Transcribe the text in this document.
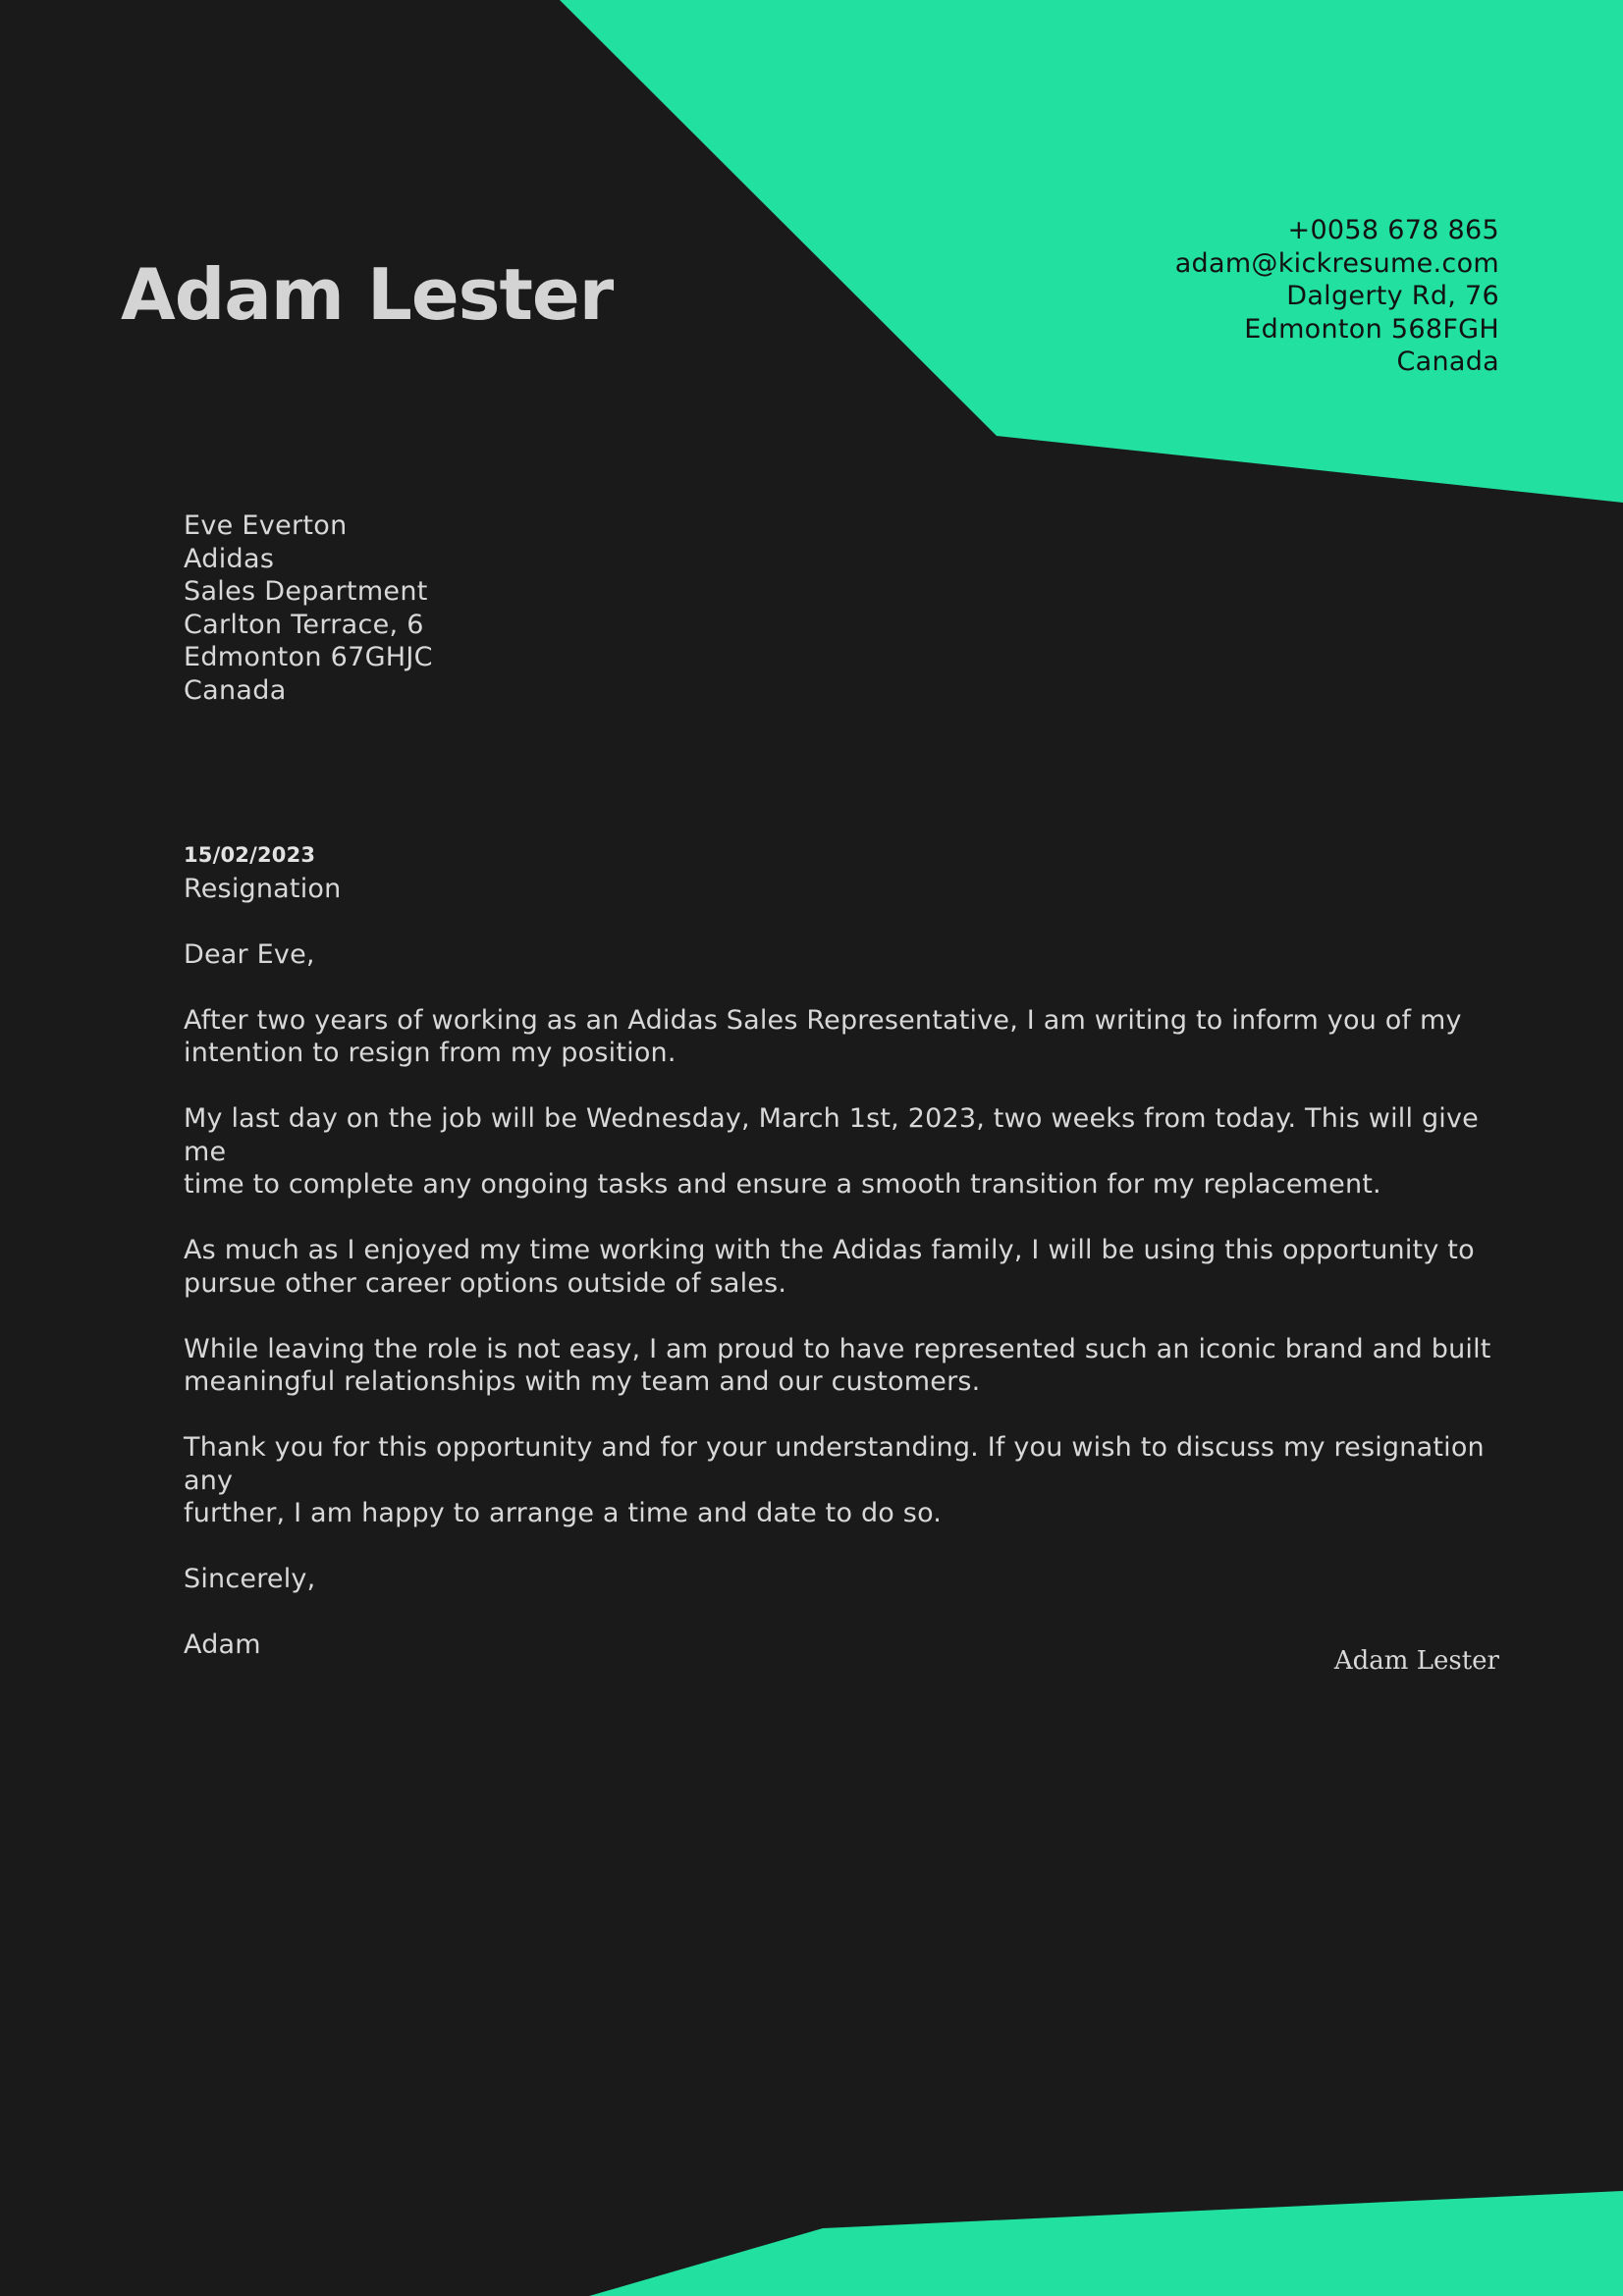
Adam Lester
+0058 678 865
adam@kickresume.com
Dalgerty Rd, 76
Edmonton 568FGH
Canada
Eve Everton
Adidas
Sales Department
Carlton Terrace, 6
Edmonton 67GHJC
Canada
15/02/2023
Resignation

Dear Eve,

After two years of working as an Adidas Sales Representative, I am writing to inform you of my
intention to resign from my position.

My last day on the job will be Wednesday, March 1st, 2023, two weeks from today. This will give me
time to complete any ongoing tasks and ensure a smooth transition for my replacement.

As much as I enjoyed my time working with the Adidas family, I will be using this opportunity to
pursue other career options outside of sales.

While leaving the role is not easy, I am proud to have represented such an iconic brand and built
meaningful relationships with my team and our customers.

Thank you for this opportunity and for your understanding. If you wish to discuss my resignation any
further, I am happy to arrange a time and date to do so.

Sincerely,

Adam

Adam Lester
